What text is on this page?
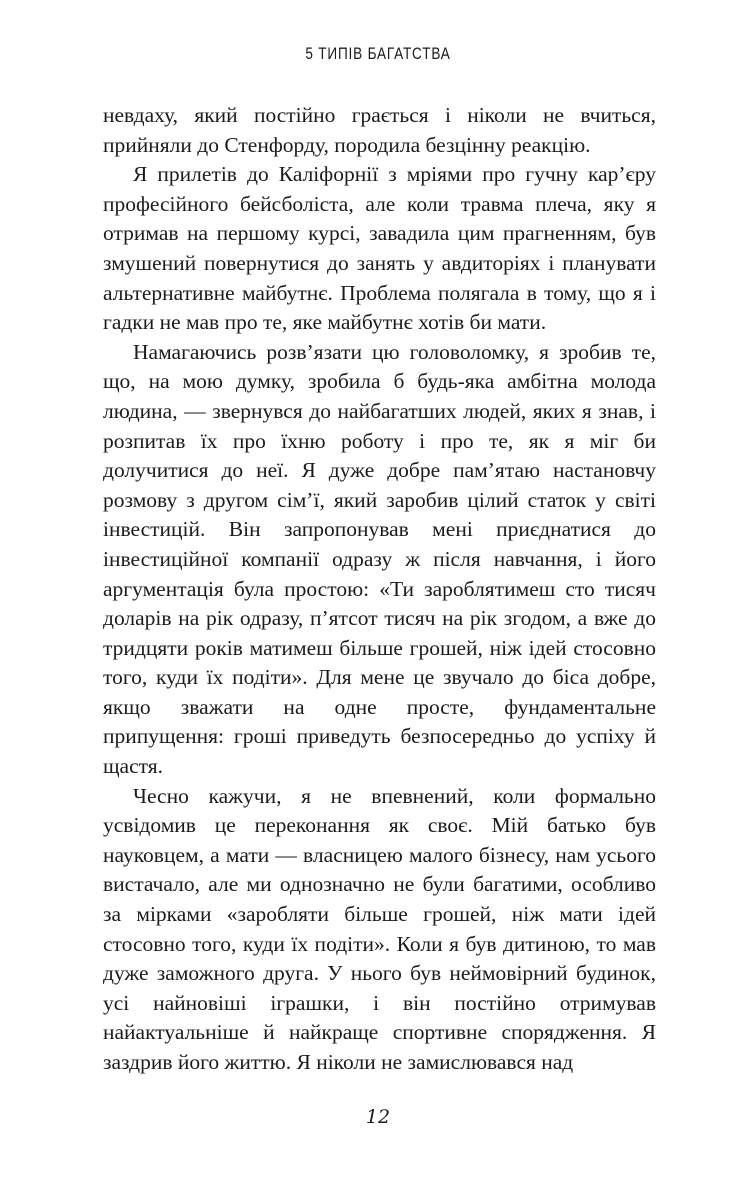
5 ТИПІВ БАГАТСТВА

невдаху, який постійно грається і ніколи не вчиться, прийняли до Стенфорду, породила безцінну реакцію.

Я прилетів до Каліфорнії з мріями про гучну кар’єру професійного бейсболіста, але коли травма плеча, яку я отримав на першому курсі, завадила цим прагненням, був змушений повернутися до занять у авдиторіях і планувати альтернативне майбутнє. Проблема полягала в тому, що я і гадки не мав про те, яке майбутнє хотів би мати.

Намагаючись розв’язати цю головоломку, я зробив те, що, на мою думку, зробила б будь-яка амбітна молода людина, — звернувся до найбагатших людей, яких я знав, і розпитав їх про їхню роботу і про те, як я міг би долучитися до неї. Я дуже добре пам’ятаю настановчу розмову з другом сім’ї, який заробив цілий статок у світі інвестицій. Він запропонував мені приєднатися до інвестиційної компанії одразу ж після навчання, і його аргументація була простою: «Ти зароблятимеш сто тисяч доларів на рік одразу, п’ятсот тисяч на рік згодом, а вже до тридцяти років матимеш більше грошей, ніж ідей стосовно того, куди їх подіти». Для мене це звучало до біса добре, якщо зважати на одне просте, фундаментальне припущення: гроші приведуть безпосередньо до успіху й щастя.

Чесно кажучи, я не впевнений, коли формально усвідомив це переконання як своє. Мій батько був науковцем, а мати — власницею малого бізнесу, нам усього вистачало, але ми однозначно не були багатими, особливо за мірками «заробляти більше грошей, ніж мати ідей стосовно того, куди їх подіти». Коли я був дитиною, то мав дуже заможного друга. У нього був неймовірний будинок, усі найновіші іграшки, і він постійно отримував найактуальніше й найкраще спортивне спорядження. Я заздрив його життю. Я ніколи не замислювався над

12
